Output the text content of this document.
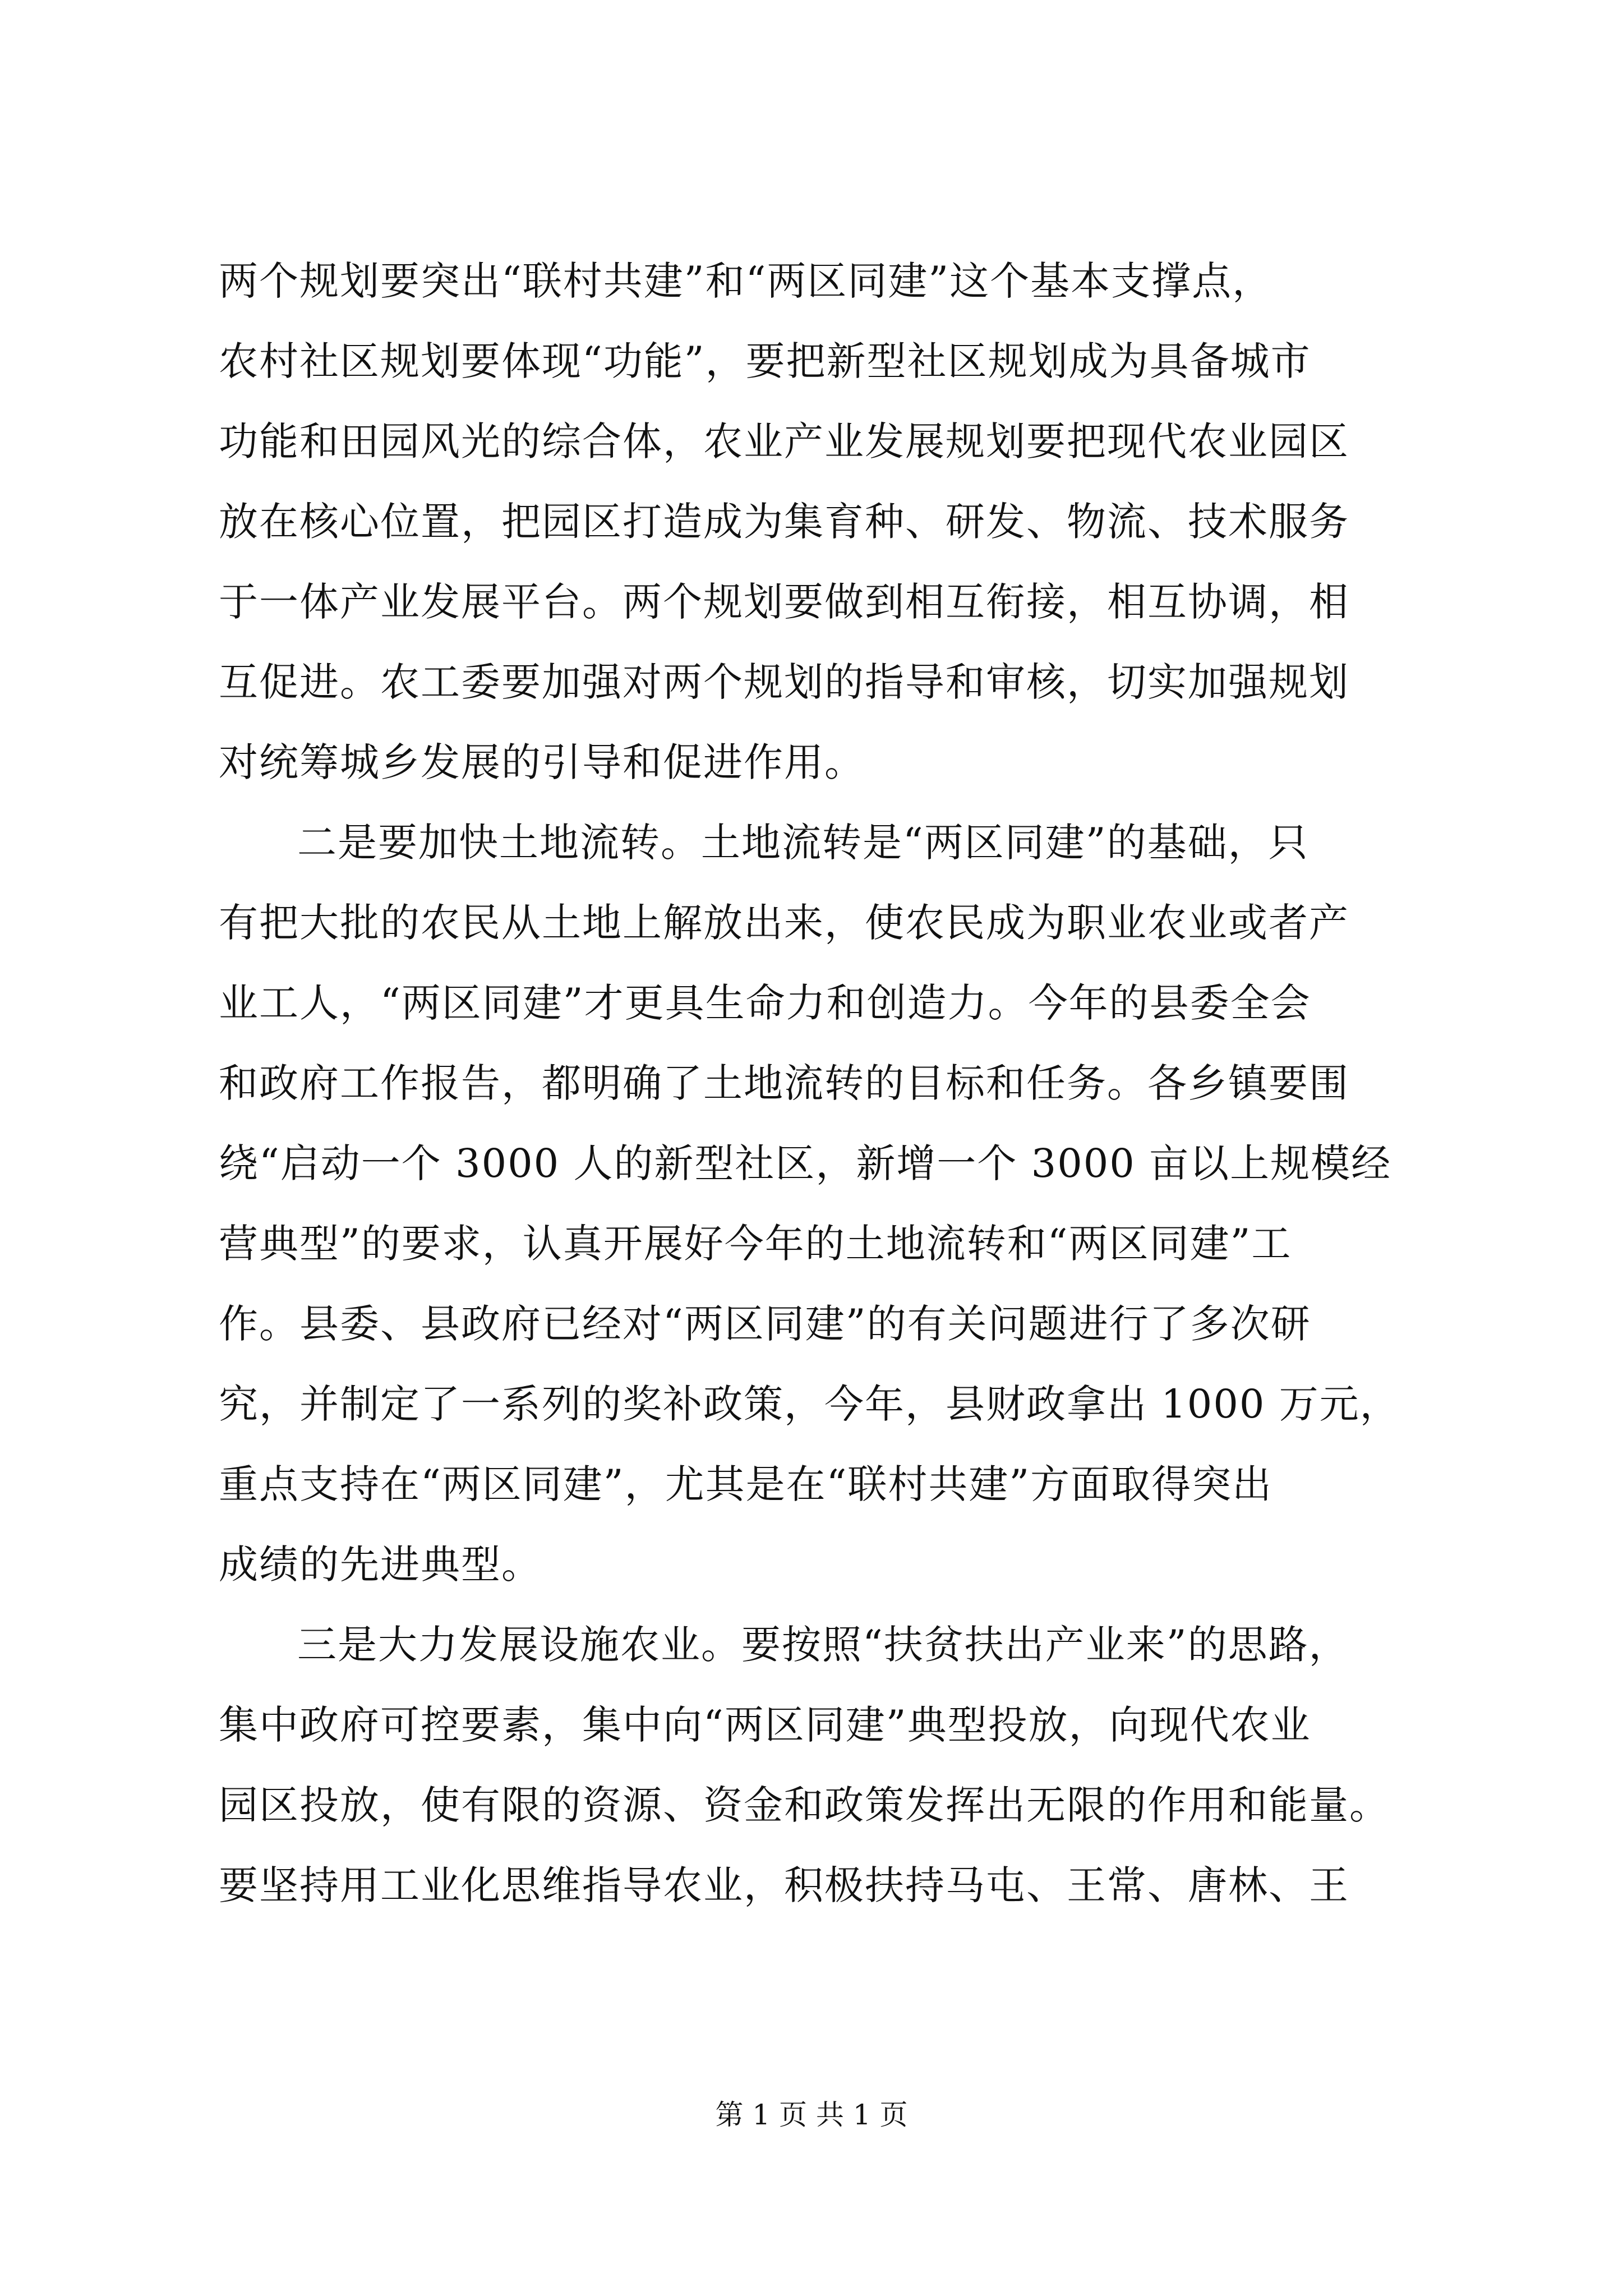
两个规划要突出“联村共建”和“两区同建”这个基本支撑点，
农村社区规划要体现“功能”，要把新型社区规划成为具备城市
功能和田园风光的综合体，农业产业发展规划要把现代农业园区
放在核心位置，把园区打造成为集育种、研发、物流、技术服务
于一体产业发展平台。两个规划要做到相互衔接，相互协调，相
互促进。农工委要加强对两个规划的指导和审核，切实加强规划
对统筹城乡发展的引导和促进作用。
二是要加快土地流转。土地流转是“两区同建”的基础，只
有把大批的农民从土地上解放出来，使农民成为职业农业或者产
业工人，“两区同建”才更具生命力和创造力。今年的县委全会
和政府工作报告，都明确了土地流转的目标和任务。各乡镇要围
绕“启动一个 3000 人的新型社区，新增一个 3000 亩以上规模经
营典型”的要求，认真开展好今年的土地流转和“两区同建”工
作。县委、县政府已经对“两区同建”的有关问题进行了多次研
究，并制定了一系列的奖补政策，今年，县财政拿出 1000 万元，
重点支持在“两区同建”，尤其是在“联村共建”方面取得突出
成绩的先进典型。
三是大力发展设施农业。要按照“扶贫扶出产业来”的思路，
集中政府可控要素，集中向“两区同建”典型投放，向现代农业
园区投放，使有限的资源、资金和政策发挥出无限的作用和能量。
要坚持用工业化思维指导农业，积极扶持马屯、王常、唐林、王
第 1 页 共 1 页
